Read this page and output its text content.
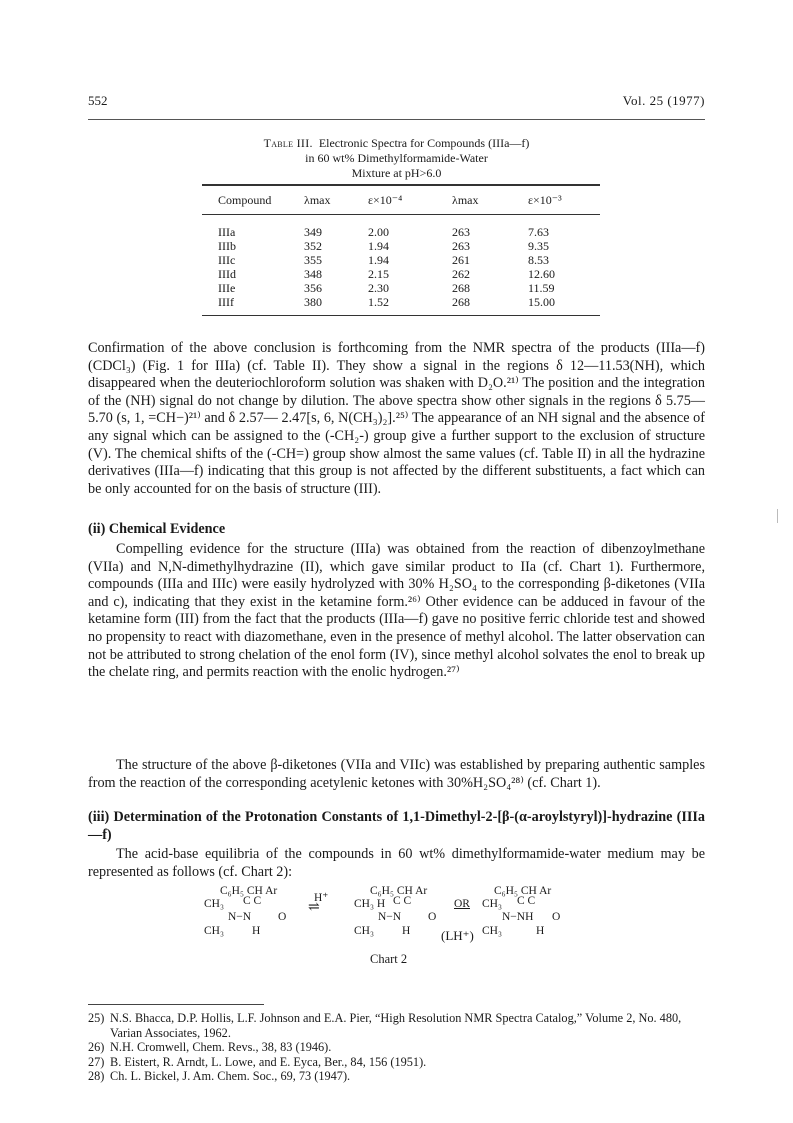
552	Vol. 25 (1977)
Table III. Electronic Spectra for Compounds (IIIa—f)
in 60 wt% Dimethylformamide-Water
Mixture at pH>6.0
Compound	λmax	ε×10⁻⁴	λmax	ε×10⁻³
IIIa	349	2.00	263	7.63
IIIb	352	1.94	263	9.35
IIIc	355	1.94	261	8.53
IIId	348	2.15	262	12.60
IIIe	356	2.30	268	11.59
IIIf	380	1.52	268	15.00

Confirmation of the above conclusion is forthcoming from the NMR spectra of the products (IIIa—f) (CDCl₃) (Fig. 1 for IIIa) (cf. Table II). They show a signal in the regions δ 12—11.53(NH), which disappeared when the deuteriochloroform solution was shaken with D₂O.²¹⁾ The position and the integration of the (NH) signal do not change by dilution. The above spectra show other signals in the regions δ 5.75—5.70 (s, 1, =CH−)²¹⁾ and δ 2.57— 2.47[s, 6, N(CH₃)₂].²⁵⁾ The appearance of an NH signal and the absence of any signal which can be assigned to the (-CH₂-) group give a further support to the exclusion of structure (V). The chemical shifts of the (-CH=) group show almost the same values (cf. Table II) in all the hydrazine derivatives (IIIa—f) indicating that this group is not affected by the different substituents, a fact which can be only accounted for on the basis of structure (III).

(ii) Chemical Evidence

Compelling evidence for the structure (IIIa) was obtained from the reaction of dibenzoylmethane (VIIa) and N,N-dimethylhydrazine (II), which gave similar product to IIa (cf. Chart 1). Furthermore, compounds (IIIa and IIIc) were easily hydrolyzed with 30% H₂SO₄ to the corresponding β-diketones (VIIa and c), indicating that they exist in the ketamine form.²⁶⁾ Other evidence can be adduced in favour of the ketamine form (III) from the fact that the products (IIIa—f) gave no positive ferric chloride test and showed no propensity to react with diazomethane, even in the presence of methyl alcohol. The latter observation can not be attributed to strong chelation of the enol form (IV), since methyl alcohol solvates the enol to break up the chelate ring, and permits reaction with the enolic hydrogen.²⁷⁾

The structure of the above β-diketones (VIIa and VIIc) was established by preparing authentic samples from the reaction of the corresponding acetylenic ketones with 30%H₂SO₄²⁸⁾ (cf. Chart 1).

(iii) Determination of the Protonation Constants of 1,1-Dimethyl-2-[β-(α-aroylstyryl)]-hydrazine (IIIa—f)

The acid-base equilibria of the compounds in 60 wt% dimethylformamide-water medium may be represented as follows (cf. Chart 2):

C₆H₅ CH Ar
C C
CH₃
N−N O
CH₃ H
H⁺
⇌
C₆H₅ CH Ar
C C
CH₃ H
N−N O
CH₃ H
OR
C₆H₅ CH Ar
C C
CH₃
N−NH O
CH₃	H
(LH⁺)
Chart 2
25) N.S. Bhacca, D.P. Hollis, L.F. Johnson and E.A. Pier, “High Resolution NMR Spectra Catalog,” Volume 2, No. 480, Varian Associates, 1962.
26) N.H. Cromwell, Chem. Revs., 38, 83 (1946).
27) B. Eistert, R. Arndt, L. Lowe, and E. Eyca, Ber., 84, 156 (1951).
28) Ch. L. Bickel, J. Am. Chem. Soc., 69, 73 (1947).
